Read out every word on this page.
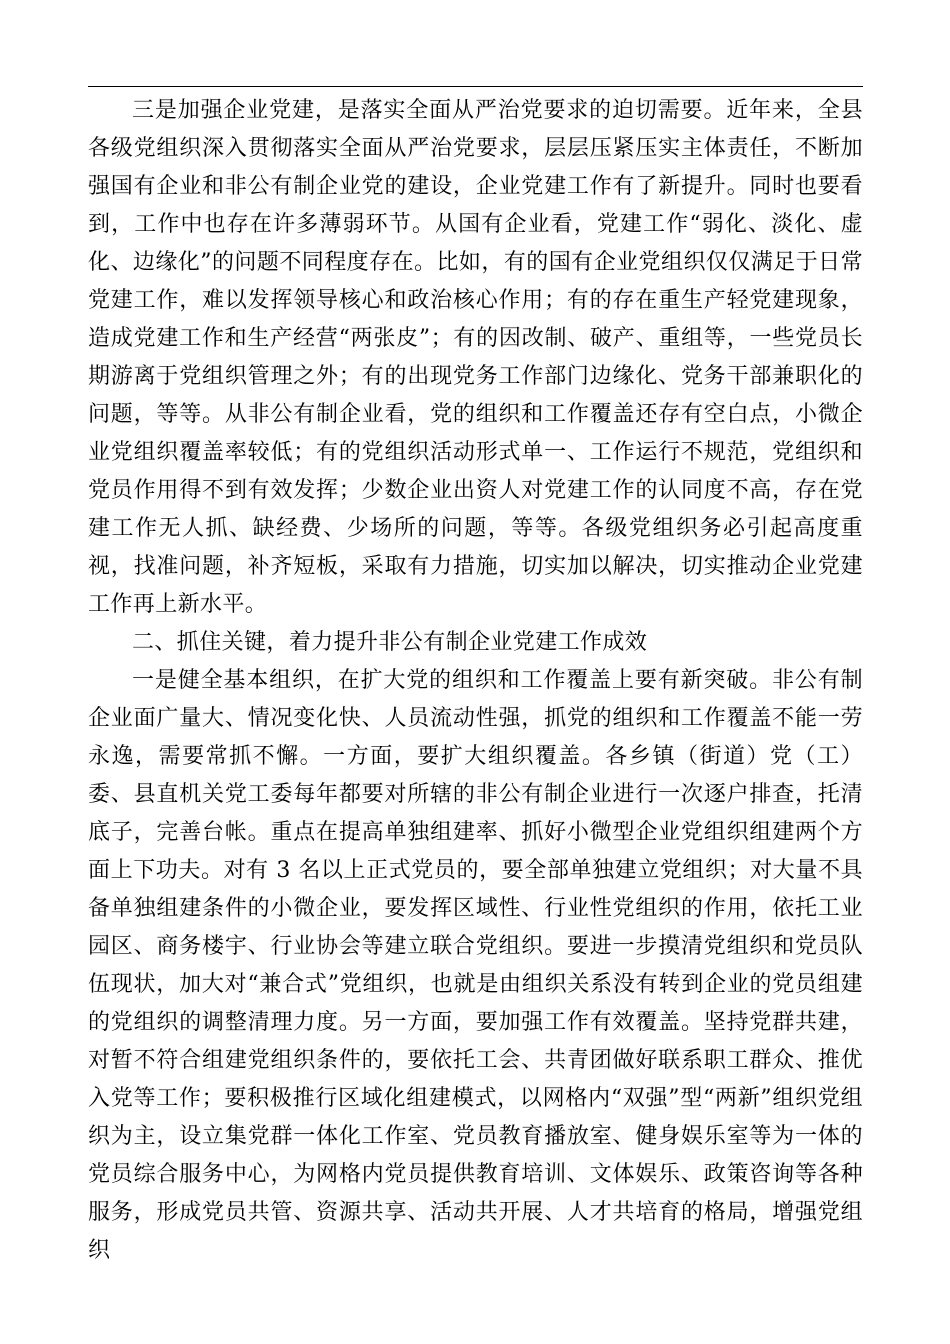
三是加强企业党建，是落实全面从严治党要求的迫切需要。近年来，全县各级党组织深入贯彻落实全面从严治党要求，层层压紧压实主体责任，不断加强国有企业和非公有制企业党的建设，企业党建工作有了新提升。同时也要看到，工作中也存在许多薄弱环节。从国有企业看，党建工作“弱化、淡化、虚化、边缘化”的问题不同程度存在。比如，有的国有企业党组织仅仅满足于日常党建工作，难以发挥领导核心和政治核心作用；有的存在重生产轻党建现象，造成党建工作和生产经营“两张皮”；有的因改制、破产、重组等，一些党员长期游离于党组织管理之外；有的出现党务工作部门边缘化、党务干部兼职化的问题，等等。从非公有制企业看，党的组织和工作覆盖还存有空白点，小微企业党组织覆盖率较低；有的党组织活动形式单一、工作运行不规范，党组织和党员作用得不到有效发挥；少数企业出资人对党建工作的认同度不高，存在党建工作无人抓、缺经费、少场所的问题，等等。各级党组织务必引起高度重视，找准问题，补齐短板，采取有力措施，切实加以解决，切实推动企业党建工作再上新水平。

二、抓住关键，着力提升非公有制企业党建工作成效

一是健全基本组织，在扩大党的组织和工作覆盖上要有新突破。非公有制企业面广量大、情况变化快、人员流动性强，抓党的组织和工作覆盖不能一劳永逸，需要常抓不懈。一方面，要扩大组织覆盖。各乡镇（街道）党（工）委、县直机关党工委每年都要对所辖的非公有制企业进行一次逐户排查，托清底子，完善台帐。重点在提高单独组建率、抓好小微型企业党组织组建两个方面上下功夫。对有 3 名以上正式党员的，要全部单独建立党组织；对大量不具备单独组建条件的小微企业，要发挥区域性、行业性党组织的作用，依托工业园区、商务楼宇、行业协会等建立联合党组织。要进一步摸清党组织和党员队伍现状，加大对“兼合式”党组织，也就是由组织关系没有转到企业的党员组建的党组织的调整清理力度。另一方面，要加强工作有效覆盖。坚持党群共建，对暂不符合组建党组织条件的，要依托工会、共青团做好联系职工群众、推优入党等工作；要积极推行区域化组建模式，以网格内“双强”型“两新”组织党组织为主，设立集党群一体化工作室、党员教育播放室、健身娱乐室等为一体的党员综合服务中心，为网格内党员提供教育培训、文体娱乐、政策咨询等各种服务，形成党员共管、资源共享、活动共开展、人才共培育的格局，增强党组织
